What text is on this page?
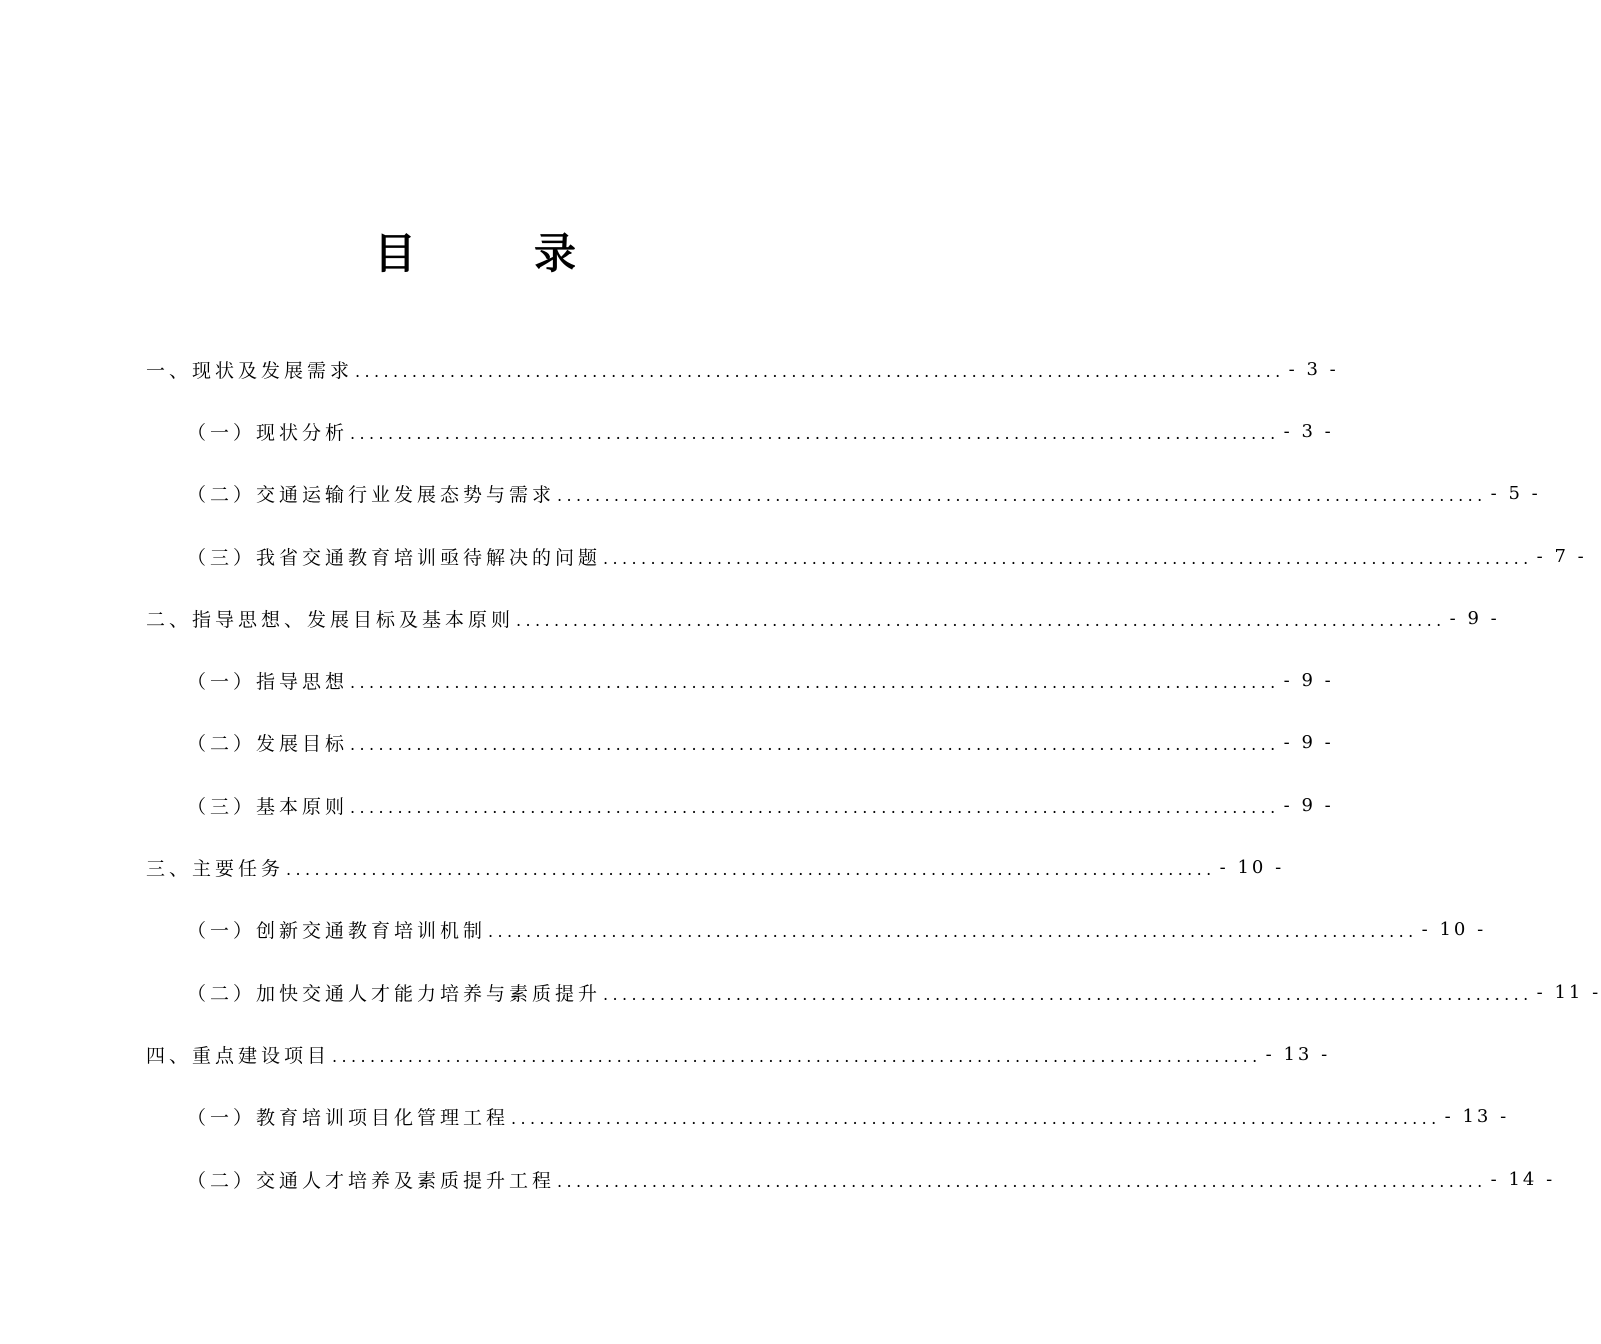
目　录
一、现状及发展需求 .................................................................................................. - 3 -
（一）现状分析 .................................................................................................. - 3 -
（二）交通运输行业发展态势与需求 .................................................................................................. - 5 -
（三）我省交通教育培训亟待解决的问题 .................................................................................................. - 7 -
二、指导思想、发展目标及基本原则 .................................................................................................. - 9 -
（一）指导思想 .................................................................................................. - 9 -
（二）发展目标 .................................................................................................. - 9 -
（三）基本原则 .................................................................................................. - 9 -
三、主要任务 .................................................................................................. - 10 -
（一）创新交通教育培训机制 .................................................................................................. - 10 -
（二）加快交通人才能力培养与素质提升 .................................................................................................. - 11 -
四、重点建设项目 .................................................................................................. - 13 -
（一）教育培训项目化管理工程 .................................................................................................. - 13 -
（二）交通人才培养及素质提升工程 .................................................................................................. - 14 -
